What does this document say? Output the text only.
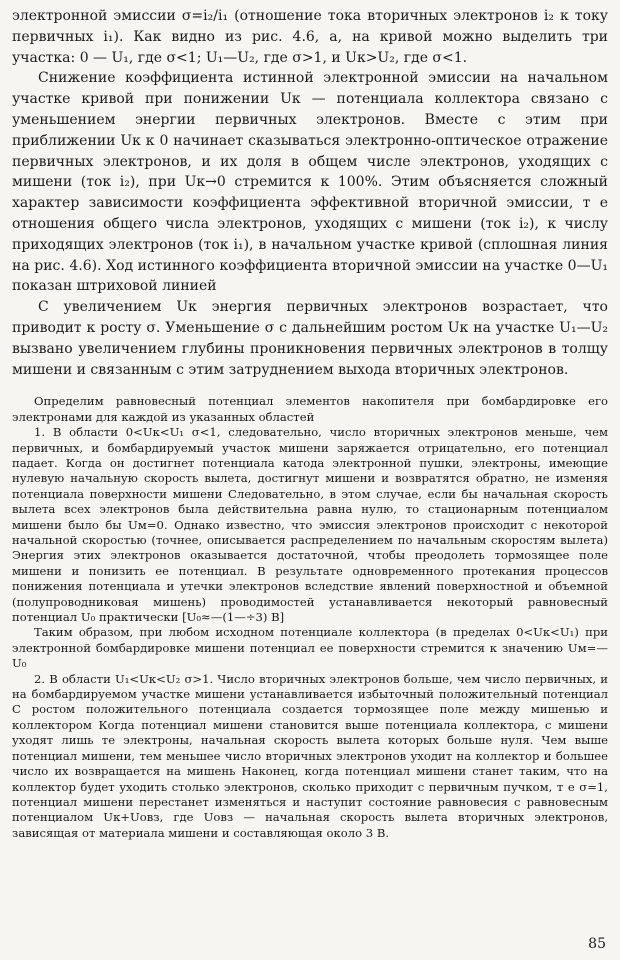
электронной эмиссии σ=i₂/i₁ (отношение тока вторичных электронов i₂ к току первичных i₁). Как видно из рис. 4.6, a, на кривой можно выделить три участка: 0 — U₁, где σ<1; U₁—U₂, где σ>1, и Uк>U₂, где σ<1.

Снижение коэффициента истинной электронной эмиссии на начальном участке кривой при понижении Uк — потенциала коллектора связано с уменьшением энергии первичных электронов. Вместе с этим при приближении Uк к 0 начинает сказываться электронно-оптическое отражение первичных электронов, и их доля в общем числе электронов, уходящих с мишени (ток i₂), при Uк→0 стремится к 100%. Этим объясняется сложный характер зависимости коэффициента эффективной вторичной эмиссии, т е отношения общего числа электронов, уходящих с мишени (ток i₂), к числу приходящих электронов (ток i₁), в начальном участке кривой (сплошная линия на рис. 4.6). Ход истинного коэффициента вторичной эмиссии на участке 0—U₁ показан штриховой линией

С увеличением Uк энергия первичных электронов возрастает, что приводит к росту σ. Уменьшение σ с дальнейшим ростом Uк на участке U₁—U₂ вызвано увеличением глубины проникновения первичных электронов в толщу мишени и связанным с этим затруднением выхода вторичных электронов.

Определим равновесный потенциал элементов накопителя при бомбардировке его электронами для каждой из указанных областей

1. В области 0<Uк<U₁ σ<1, следовательно, число вторичных электронов меньше, чем первичных, и бомбардируемый участок мишени заряжается отрицательно, его потенциал падает. Когда он достигнет потенциала катода электронной пушки, электроны, имеющие нулевую начальную скорость вылета, достигнут мишени и возвратятся обратно, не изменяя потенциала поверхности мишени Следовательно, в этом случае, если бы начальная скорость вылета всех электронов была действительна равна нулю, то стационарным потенциалом мишени было бы Uм=0. Однако известно, что эмиссия электронов происходит с некоторой начальной скоростью (точнее, описывается распределением по начальным скоростям вылета) Энергия этих электронов оказывается достаточной, чтобы преодолеть тормозящее поле мишени и понизить ее потенциал. В результате одновременного протекания процессов понижения потенциала и утечки электронов вследствие явлений поверхностной и объемной (полупроводниковая мишень) проводимостей устанавливается некоторый равновесный потенциал U₀ практически [U₀≈—(1—÷3) В]

Таким образом, при любом исходном потенциале коллектора (в пределах 0<Uк<U₁) при электронной бомбардировке мишени потенциал ее поверхности стремится к значению Uм=—U₀

2. В области U₁<Uк<U₂ σ>1. Число вторичных электронов больше, чем число первичных, и на бомбардируемом участке мишени устанавливается избыточный положительный потенциал С ростом положительного потенциала создается тормозящее поле между мишенью и коллектором Когда потенциал мишени становится выше потенциала коллектора, с мишени уходят лишь те электроны, начальная скорость вылета которых больше нуля. Чем выше потенциал мишени, тем меньшее число вторичных электронов уходит на коллектор и большее число их возвращается на мишень Наконец, когда потенциал мишени станет таким, что на коллектор будет уходить столько электронов, сколько приходит с первичным пучком, т е σ=1, потенциал мишени перестанет изменяться и наступит состояние равновесия с равновесным потенциалом Uк+Uовз, где Uовз — начальная скорость вылета вторичных электронов, зависящая от материала мишени и составляющая около 3 В.

85
